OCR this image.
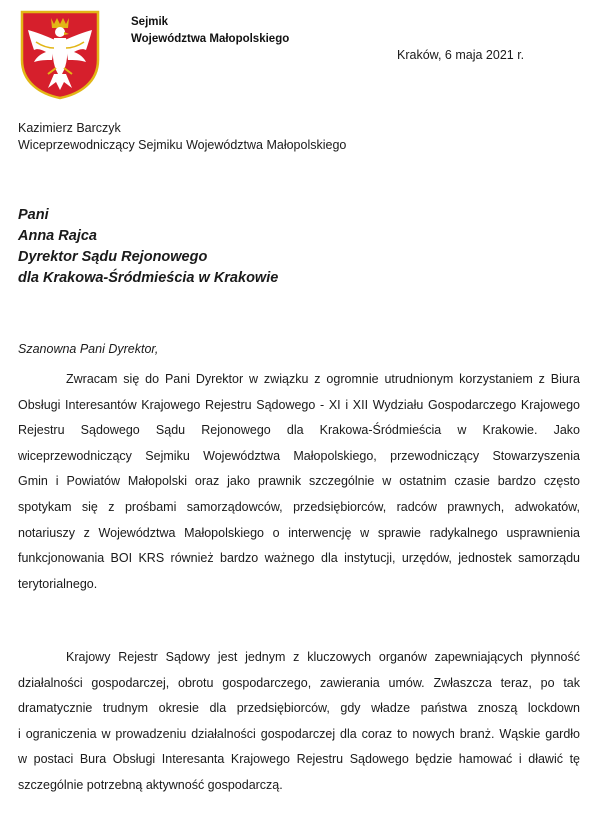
Sejmik
Województwa Małopolskiego
Kraków, 6 maja 2021 r.
Kazimierz Barczyk
Wiceprzewodniczący Sejmiku Województwa Małopolskiego
Pani
Anna Rajca
Dyrektor Sądu Rejonowego
dla Krakowa-Śródmieścia w Krakowie
Szanowna Pani Dyrektor,
Zwracam się do Pani Dyrektor w związku z ogromnie utrudnionym korzystaniem z Biura
Obsługi Interesantów Krajowego Rejestru Sądowego - XI i XII Wydziału Gospodarczego Krajowego
Rejestru Sądowego Sądu Rejonowego dla Krakowa-Śródmieścia w Krakowie. Jako
wiceprzewodniczący Sejmiku Województwa Małopolskiego, przewodniczący Stowarzyszenia
Gmin i Powiatów Małopolski oraz jako prawnik szczególnie w ostatnim czasie bardzo często
spotykam się z prośbami samorządowców, przedsiębiorców, radców prawnych, adwokatów,
notariuszy z Województwa Małopolskiego o interwencję w sprawie radykalnego usprawnienia
funkcjonowania BOI KRS również bardzo ważnego dla instytucji, urzędów, jednostek samorządu
terytorialnego.
Krajowy Rejestr Sądowy jest jednym z kluczowych organów zapewniających płynność
działalności gospodarczej, obrotu gospodarczego, zawierania umów. Zwłaszcza teraz, po tak
dramatycznie trudnym okresie dla przedsiębiorców, gdy władze państwa znoszą lockdown
i ograniczenia w prowadzeniu działalności gospodarczej dla coraz to nowych branż. Wąskie gardło
w postaci Bura Obsługi Interesanta Krajowego Rejestru Sądowego będzie hamować i dławić tę
szczególnie potrzebną aktywność gospodarczą.
